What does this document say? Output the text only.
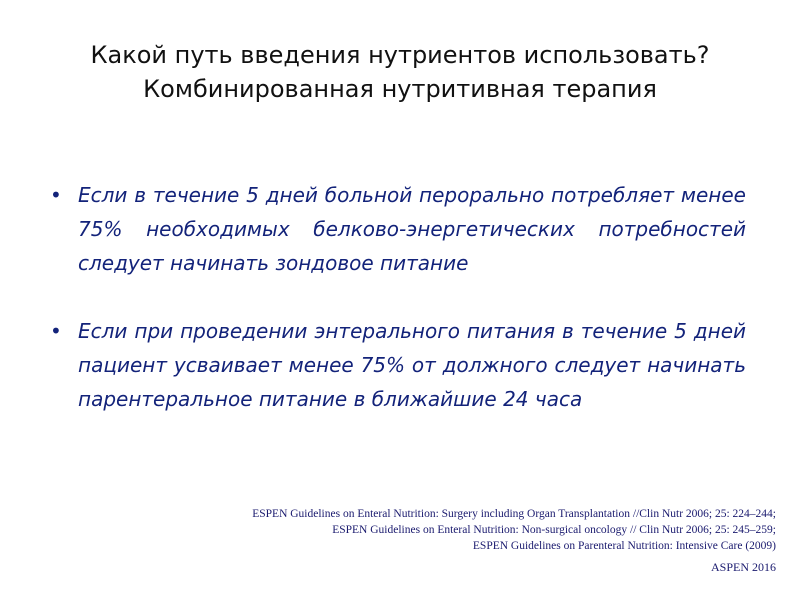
Какой путь введения нутриентов использовать?
Комбинированная нутритивная терапия
• Если в течение 5 дней больной перорально потребляет менее 75% необходимых белково-энергетических потребностей следует начинать зондовое питание
• Если при проведении энтерального питания в течение 5 дней пациент усваивает менее 75% от должного следует начинать парентеральное питание в ближайшие 24 часа
ESPEN Guidelines on Enteral Nutrition: Surgery including Organ Transplantation //Clin Nutr 2006; 25: 224–244;
ESPEN Guidelines on Enteral Nutrition: Non-surgical oncology // Clin Nutr 2006; 25: 245–259;
ESPEN Guidelines on Parenteral Nutrition: Intensive Care (2009)
ASPEN 2016
